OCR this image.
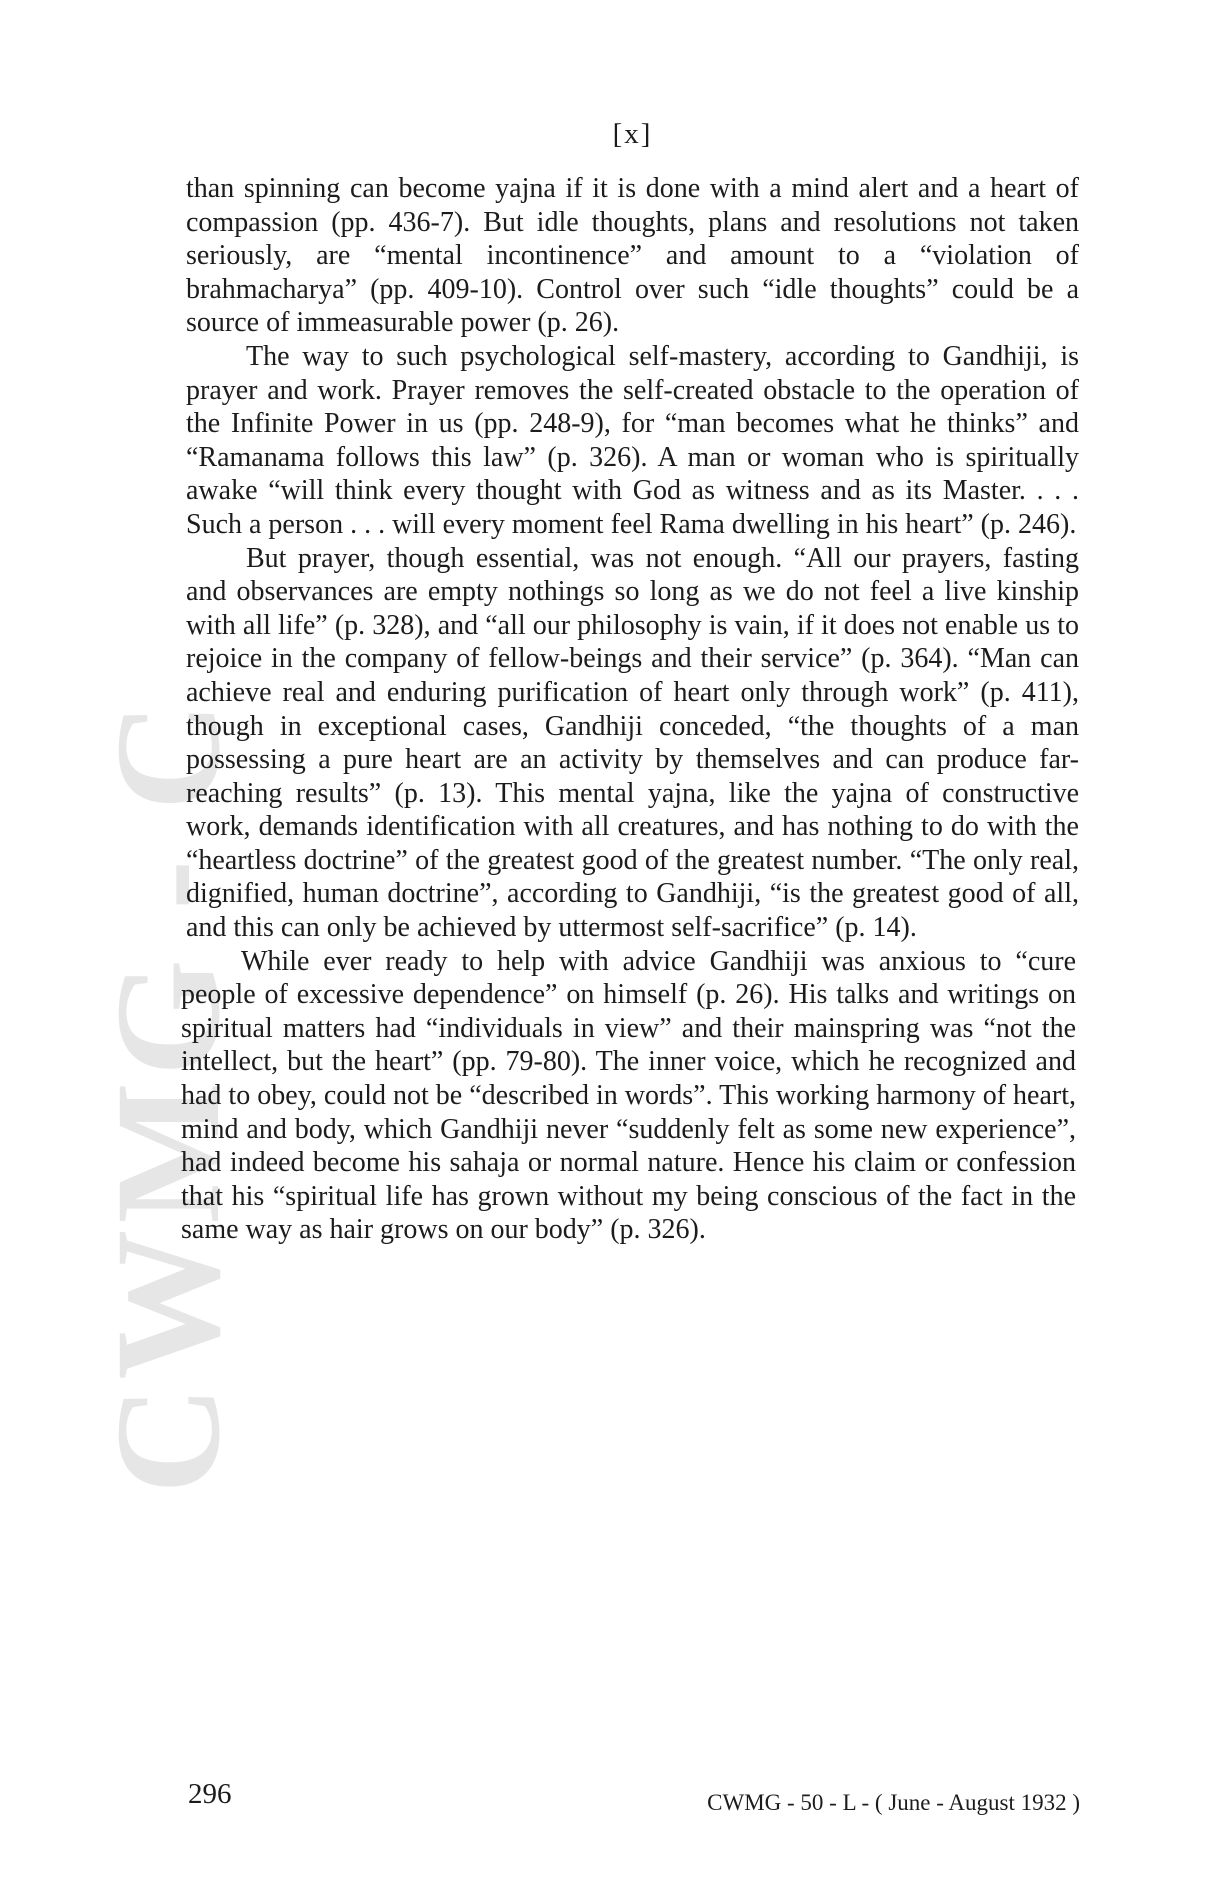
CWMG - C
[x]

than spinning can become yajna if it is done with a mind alert and a heart of compassion (pp. 436-7). But idle thoughts, plans and resolutions not taken seriously, are “mental incontinence” and amount to a “violation of brahmacharya” (pp. 409-10). Control over such “idle thoughts” could be a source of immeasurable power (p. 26).

The way to such psychological self-mastery, according to Gandhiji, is prayer and work. Prayer removes the self-created obstacle to the operation of the Infinite Power in us (pp. 248-9), for “man becomes what he thinks” and “Ramanama follows this law” (p. 326). A man or woman who is spiritually awake “will think every thought with God as witness and as its Master. . . . Such a person . . . will every moment feel Rama dwelling in his heart” (p. 246).

But prayer, though essential, was not enough. “All our prayers, fasting and observances are empty nothings so long as we do not feel a live kinship with all life” (p. 328), and “all our philosophy is vain, if it does not enable us to rejoice in the company of fellow-beings and their service” (p. 364). “Man can achieve real and enduring purification of heart only through work” (p. 411), though in exceptional cases, Gandhiji conceded, “the thoughts of a man possessing a pure heart are an activity by themselves and can produce far-reaching results” (p. 13). This mental yajna, like the yajna of constructive work, demands identification with all creatures, and has nothing to do with the “heartless doctrine” of the greatest good of the greatest number. “The only real, dignified, human doctrine”, according to Gandhiji, “is the greatest good of all, and this can only be achieved by uttermost self-sacrifice” (p. 14).

While ever ready to help with advice Gandhiji was anxious to “cure people of excessive dependence” on himself (p. 26). His talks and writings on spiritual matters had “individuals in view” and their mainspring was “not the intellect, but the heart” (pp. 79-80). The inner voice, which he recognized and had to obey, could not be “described in words”. This working harmony of heart, mind and body, which Gandhiji never “suddenly felt as some new experience”, had indeed become his sahaja or normal nature. Hence his claim or confession that his “spiritual life has grown without my being conscious of the fact in the same way as hair grows on our body” (p. 326).

296	CWMG - 50 - L - ( June - August 1932 )
